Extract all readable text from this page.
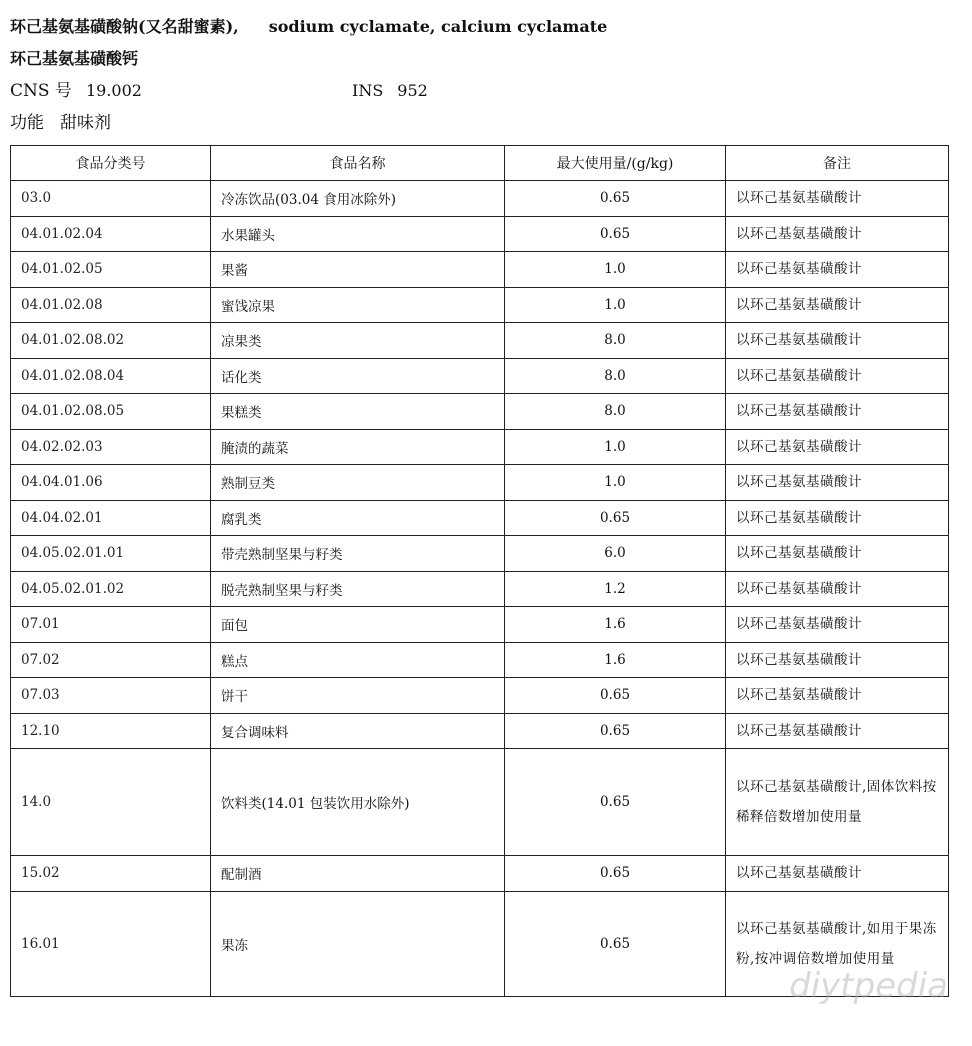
环己基氨基磺酸钠(又名甜蜜素), sodium cyclamate, calcium cyclamate
环己基氨基磺酸钙
CNS 号 19.002	INS 952
功能 甜味剂
食品分类号	食品名称	最大使用量/(g/kg)	备注
03.0	冷冻饮品(03.04 食用冰除外)	0.65	以环己基氨基磺酸计
04.01.02.04	水果罐头	0.65	以环己基氨基磺酸计
04.01.02.05	果酱	1.0	以环己基氨基磺酸计
04.01.02.08	蜜饯凉果	1.0	以环己基氨基磺酸计
04.01.02.08.02	凉果类	8.0	以环己基氨基磺酸计
04.01.02.08.04	话化类	8.0	以环己基氨基磺酸计
04.01.02.08.05	果糕类	8.0	以环己基氨基磺酸计
04.02.02.03	腌渍的蔬菜	1.0	以环己基氨基磺酸计
04.04.01.06	熟制豆类	1.0	以环己基氨基磺酸计
04.04.02.01	腐乳类	0.65	以环己基氨基磺酸计
04.05.02.01.01	带壳熟制坚果与籽类	6.0	以环己基氨基磺酸计
04.05.02.01.02	脱壳熟制坚果与籽类	1.2	以环己基氨基磺酸计
07.01	面包	1.6	以环己基氨基磺酸计
07.02	糕点	1.6	以环己基氨基磺酸计
07.03	饼干	0.65	以环己基氨基磺酸计
12.10	复合调味料	0.65	以环己基氨基磺酸计
14.0	饮料类(14.01 包装饮用水除外)	0.65	以环己基氨基磺酸计,固体饮料按稀释倍数增加使用量
15.02	配制酒	0.65	以环己基氨基磺酸计
16.01	果冻	0.65	以环己基氨基磺酸计,如用于果冻粉,按冲调倍数增加使用量
diytpedia
